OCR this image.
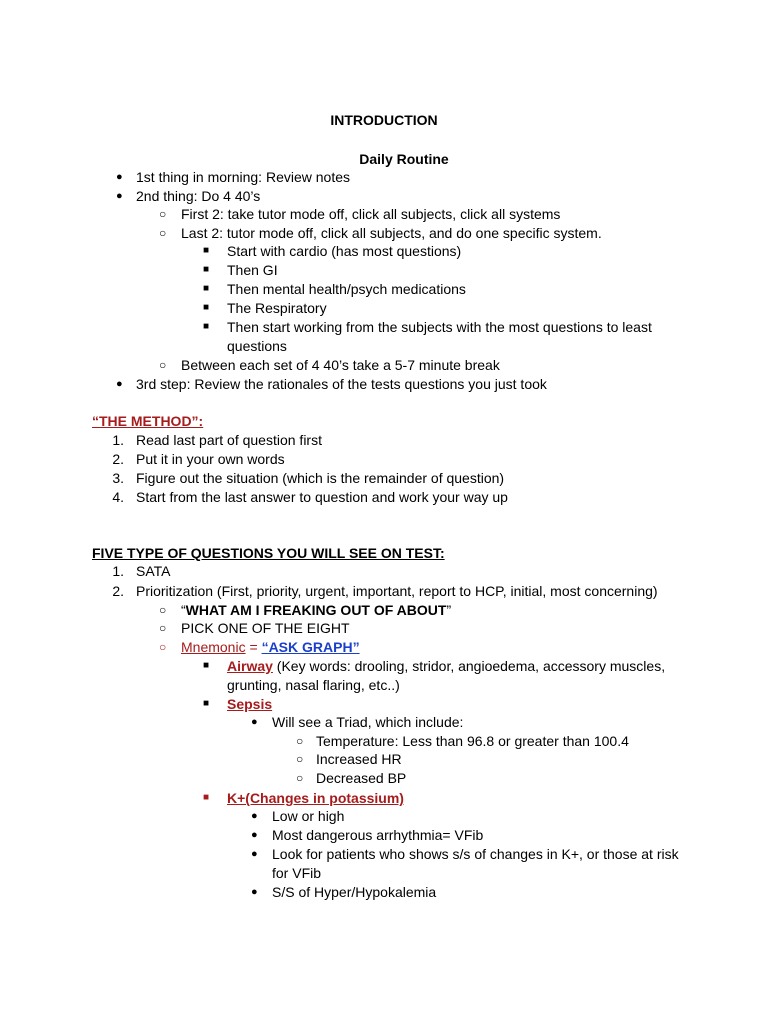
INTRODUCTION
Daily Routine
● 1st thing in morning: Review notes
● 2nd thing: Do 4 40’s
○ First 2: take tutor mode off, click all subjects, click all systems
○ Last 2: tutor mode off, click all subjects, and do one specific system.
■ Start with cardio (has most questions)
■ Then GI
■ Then mental health/psych medications
■ The Respiratory
■ Then start working from the subjects with the most questions to least
questions
○ Between each set of 4 40’s take a 5-7 minute break
● 3rd step: Review the rationales of the tests questions you just took
“THE METHOD”:
1. Read last part of question first
2. Put it in your own words
3. Figure out the situation (which is the remainder of question)
4. Start from the last answer to question and work your way up
FIVE TYPE OF QUESTIONS YOU WILL SEE ON TEST:
1. SATA
2. Prioritization (First, priority, urgent, important, report to HCP, initial, most concerning)
○ “WHAT AM I FREAKING OUT OF ABOUT”
○ PICK ONE OF THE EIGHT
○ Mnemonic = “ASK GRAPH”
■ Airway (Key words: drooling, stridor, angioedema, accessory muscles,
grunting, nasal flaring, etc..)
■ Sepsis
● Will see a Triad, which include:
○ Temperature: Less than 96.8 or greater than 100.4
○ Increased HR
○ Decreased BP
■ K+(Changes in potassium)
● Low or high
● Most dangerous arrhythmia= VFib
● Look for patients who shows s/s of changes in K+, or those at risk
for VFib
● S/S of Hyper/Hypokalemia
